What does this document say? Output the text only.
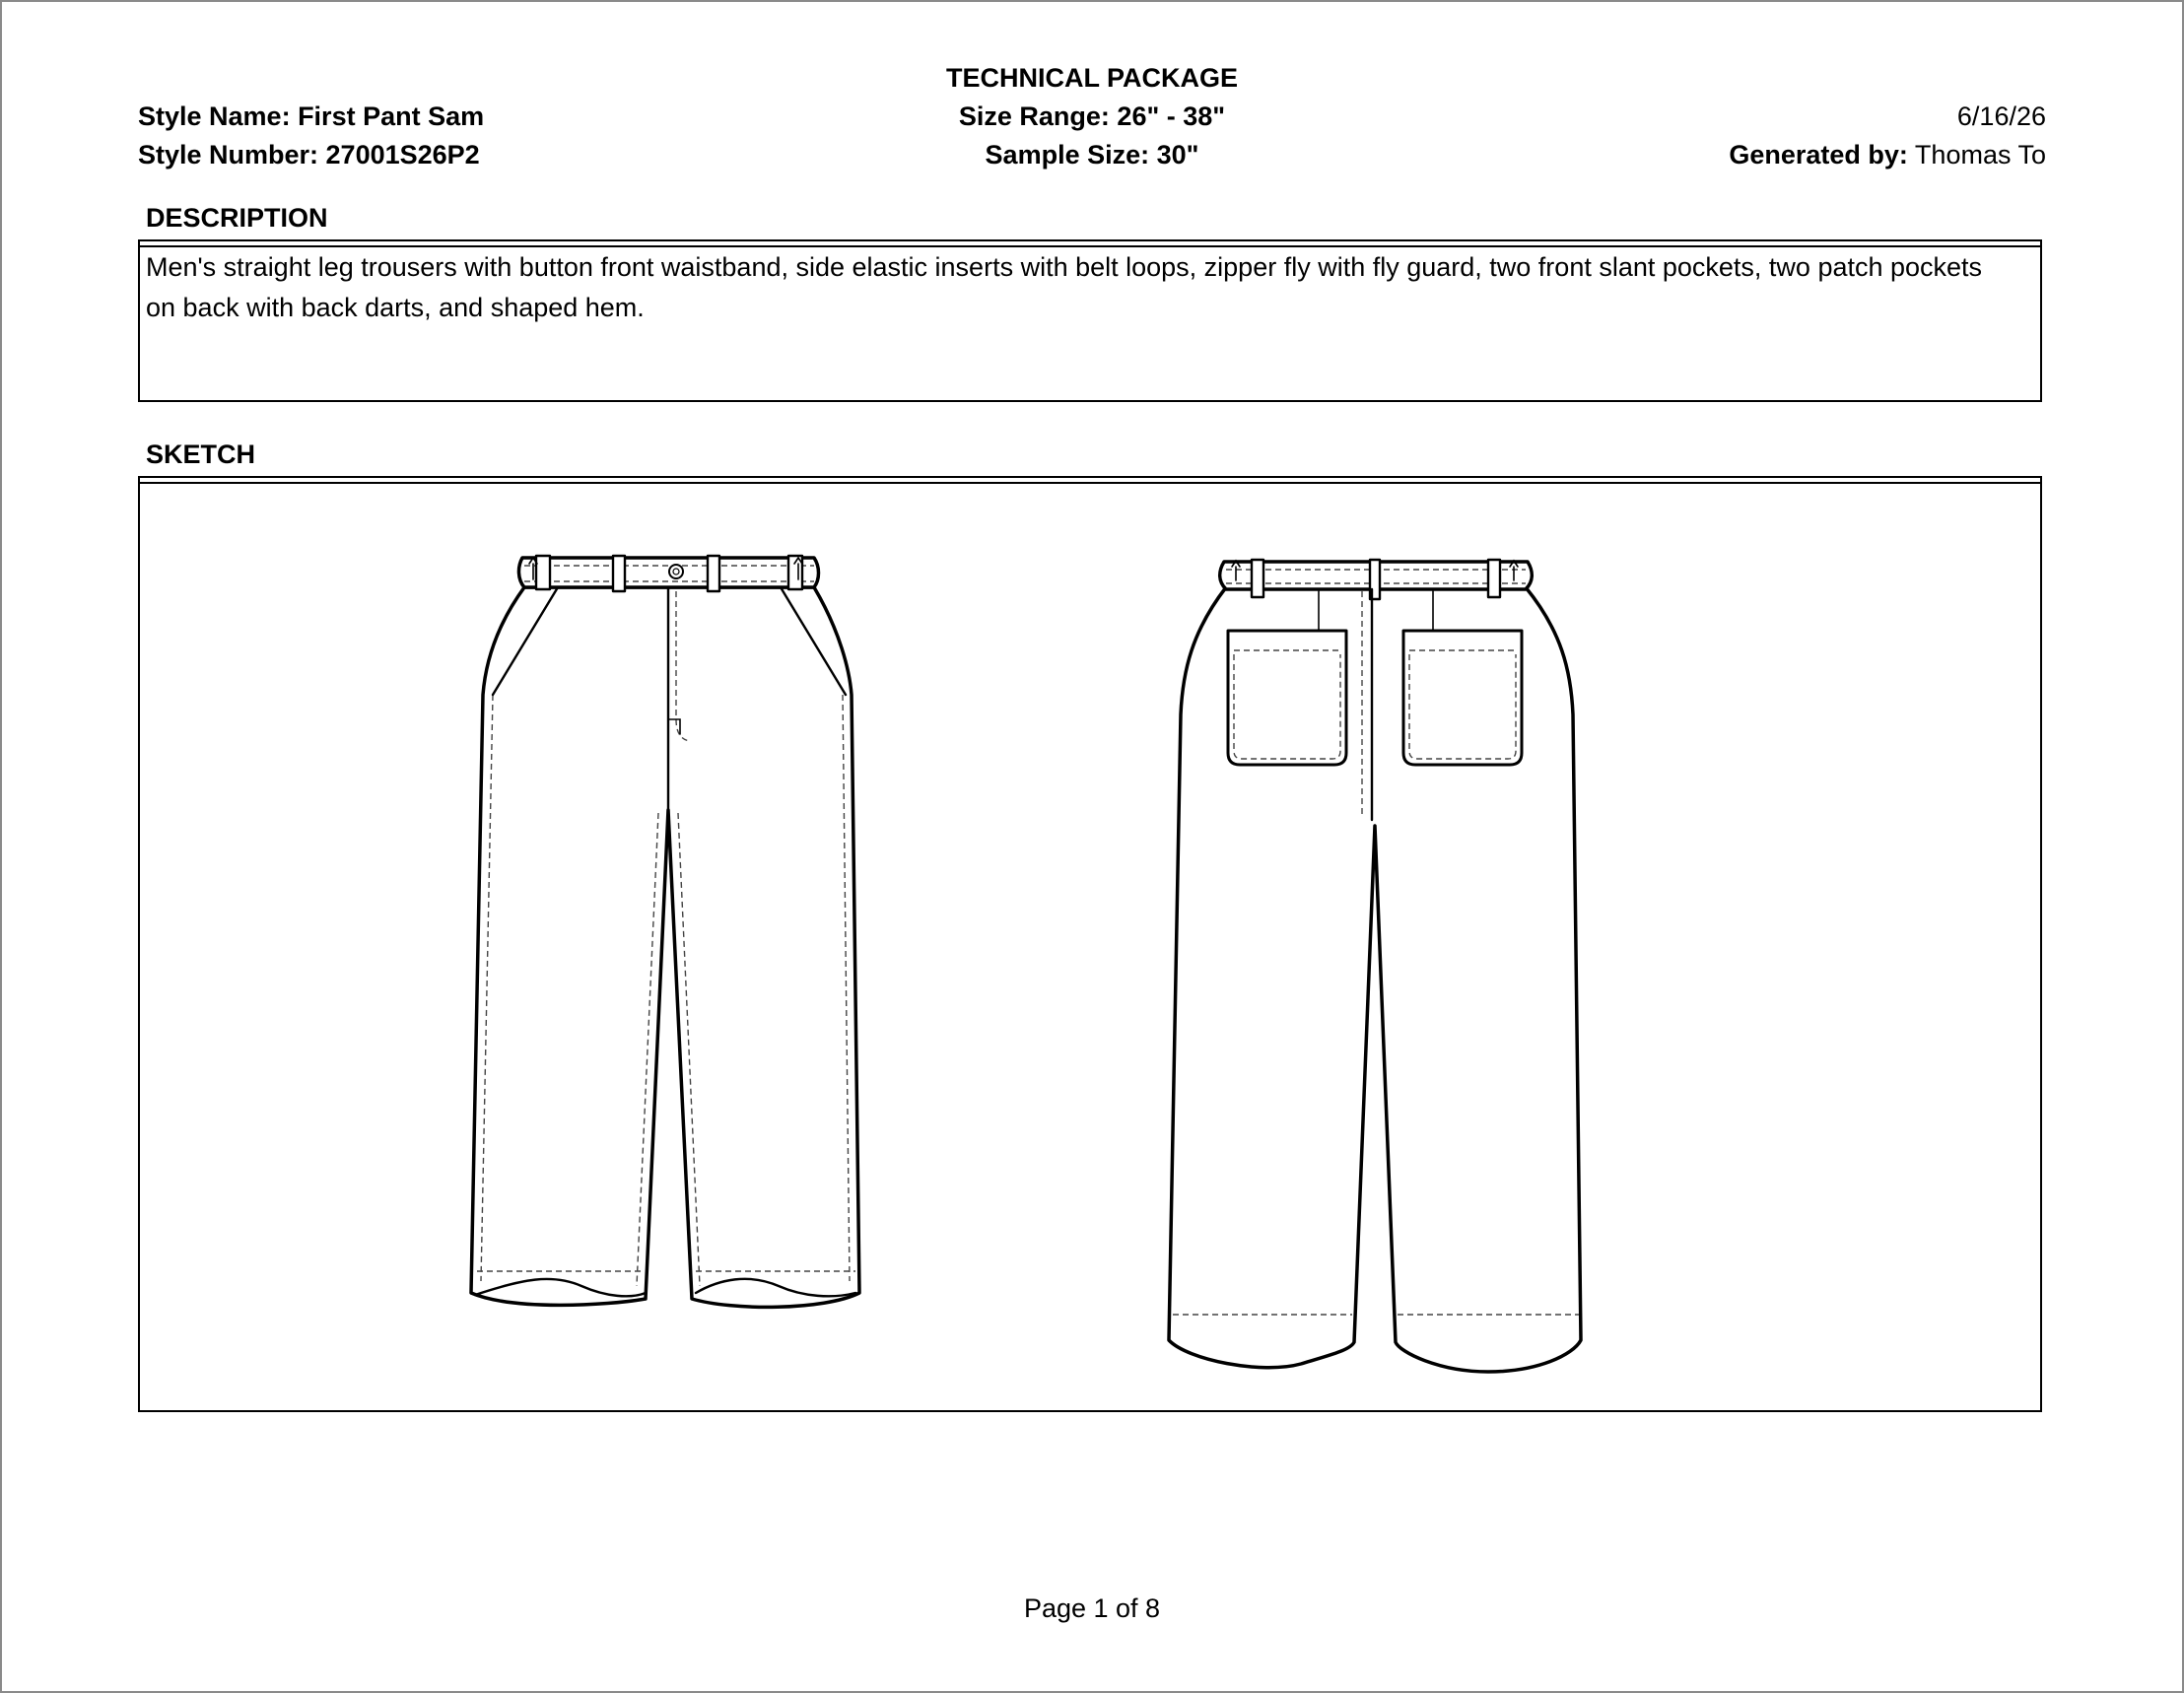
TECHNICAL PACKAGE
Style Name: First Pant Sam
Style Number: 27001S26P2
Size Range: 26" - 38"
Sample Size: 30"
6/16/26
Generated by: Thomas To
DESCRIPTION
Men's straight leg trousers with button front waistband, side elastic inserts with belt loops, zipper fly with fly guard, two front slant pockets, two patch pockets on back with back darts, and shaped hem.
SKETCH
Page 1 of 8
